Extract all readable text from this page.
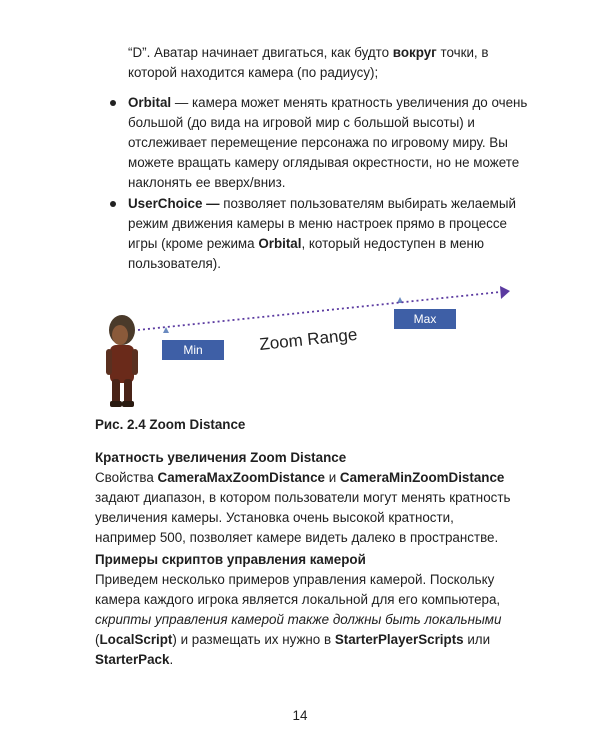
“D”. Аватар начинает двигаться, как будто вокруг точки, в
которой находится камера (по радиусу);

Orbital — камера может менять кратность увеличения до очень большой (до вида на игровой мир с большой высоты) и отслеживает перемещение персонажа по игровому миру. Вы можете вращать камеру оглядывая окрестности, но не можете наклонять ее вверх/вниз.

UserChoice — позволяет пользователям выбирать желаемый режим движения камеры в меню настроек прямо в процессе игры (кроме режима Orbital, который недоступен в меню пользователя).

Max
Min	Zoom Range
Рис. 2.4 Zoom Distance
Кратность увеличения Zoom Distance

Свойства CameraMaxZoomDistance и CameraMinZoomDistance задают диапазон, в котором пользователи могут менять кратность увеличения камеры. Установка очень высокой кратности, например 500, позволяет камере видеть далеко в пространстве.

Примеры скриптов управления камерой

Приведем несколько примеров управления камерой. Поскольку камера каждого игрока является локальной для его компьютера, скрипты управления камерой также должны быть локальными (LocalScript) и размещать их нужно в StarterPlayerScripts или StarterPack.

14
